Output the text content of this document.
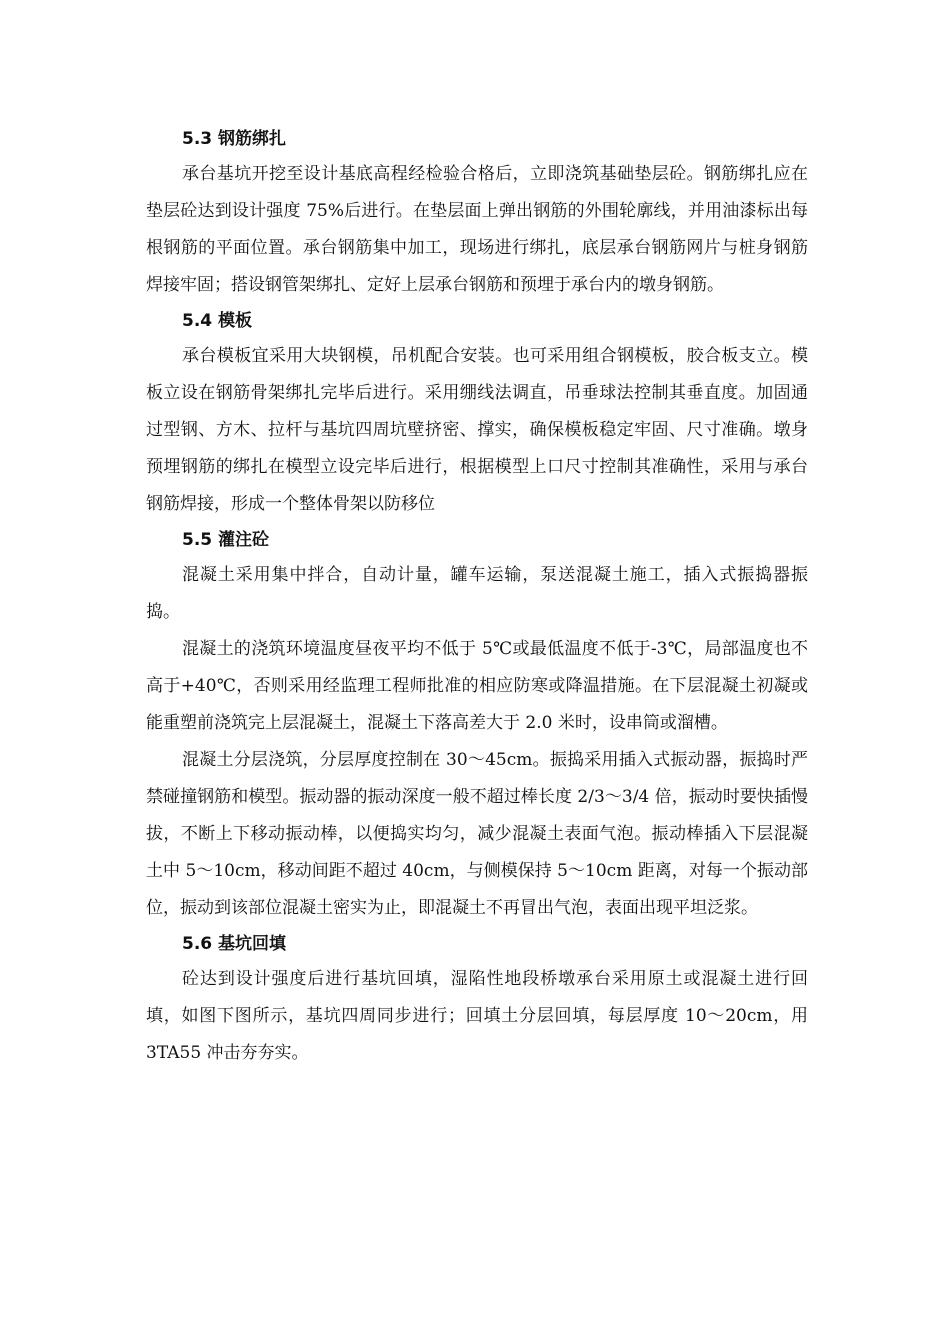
5.3 钢筋绑扎

承台基坑开挖至设计基底高程经检验合格后，立即浇筑基础垫层砼。钢筋绑扎应在垫层砼达到设计强度 75%后进行。在垫层面上弹出钢筋的外围轮廓线，并用油漆标出每根钢筋的平面位置。承台钢筋集中加工，现场进行绑扎，底层承台钢筋网片与桩身钢筋焊接牢固；搭设钢管架绑扎、定好上层承台钢筋和预埋于承台内的墩身钢筋。

5.4 模板

承台模板宜采用大块钢模，吊机配合安装。也可采用组合钢模板，胶合板支立。模板立设在钢筋骨架绑扎完毕后进行。采用绷线法调直，吊垂球法控制其垂直度。加固通过型钢、方木、拉杆与基坑四周坑壁挤密、撑实，确保模板稳定牢固、尺寸准确。墩身预埋钢筋的绑扎在模型立设完毕后进行，根据模型上口尺寸控制其准确性，采用与承台钢筋焊接，形成一个整体骨架以防移位

5.5 灌注砼

混凝土采用集中拌合，自动计量，罐车运输，泵送混凝土施工，插入式振捣器振捣。

混凝土的浇筑环境温度昼夜平均不低于 5℃或最低温度不低于-3℃，局部温度也不高于+40℃，否则采用经监理工程师批准的相应防寒或降温措施。在下层混凝土初凝或能重塑前浇筑完上层混凝土，混凝土下落高差大于 2.0 米时，设串筒或溜槽。

混凝土分层浇筑，分层厚度控制在 30～45cm。振捣采用插入式振动器，振捣时严禁碰撞钢筋和模型。振动器的振动深度一般不超过棒长度 2/3～3/4 倍，振动时要快插慢拔，不断上下移动振动棒，以便捣实均匀，减少混凝土表面气泡。振动棒插入下层混凝土中 5～10cm，移动间距不超过 40cm，与侧模保持 5～10cm 距离，对每一个振动部位，振动到该部位混凝土密实为止，即混凝土不再冒出气泡，表面出现平坦泛浆。

5.6 基坑回填

砼达到设计强度后进行基坑回填，湿陷性地段桥墩承台采用原土或混凝土进行回填，如图下图所示，基坑四周同步进行；回填土分层回填，每层厚度 10～20cm，用 3TA55 冲击夯夯实。
